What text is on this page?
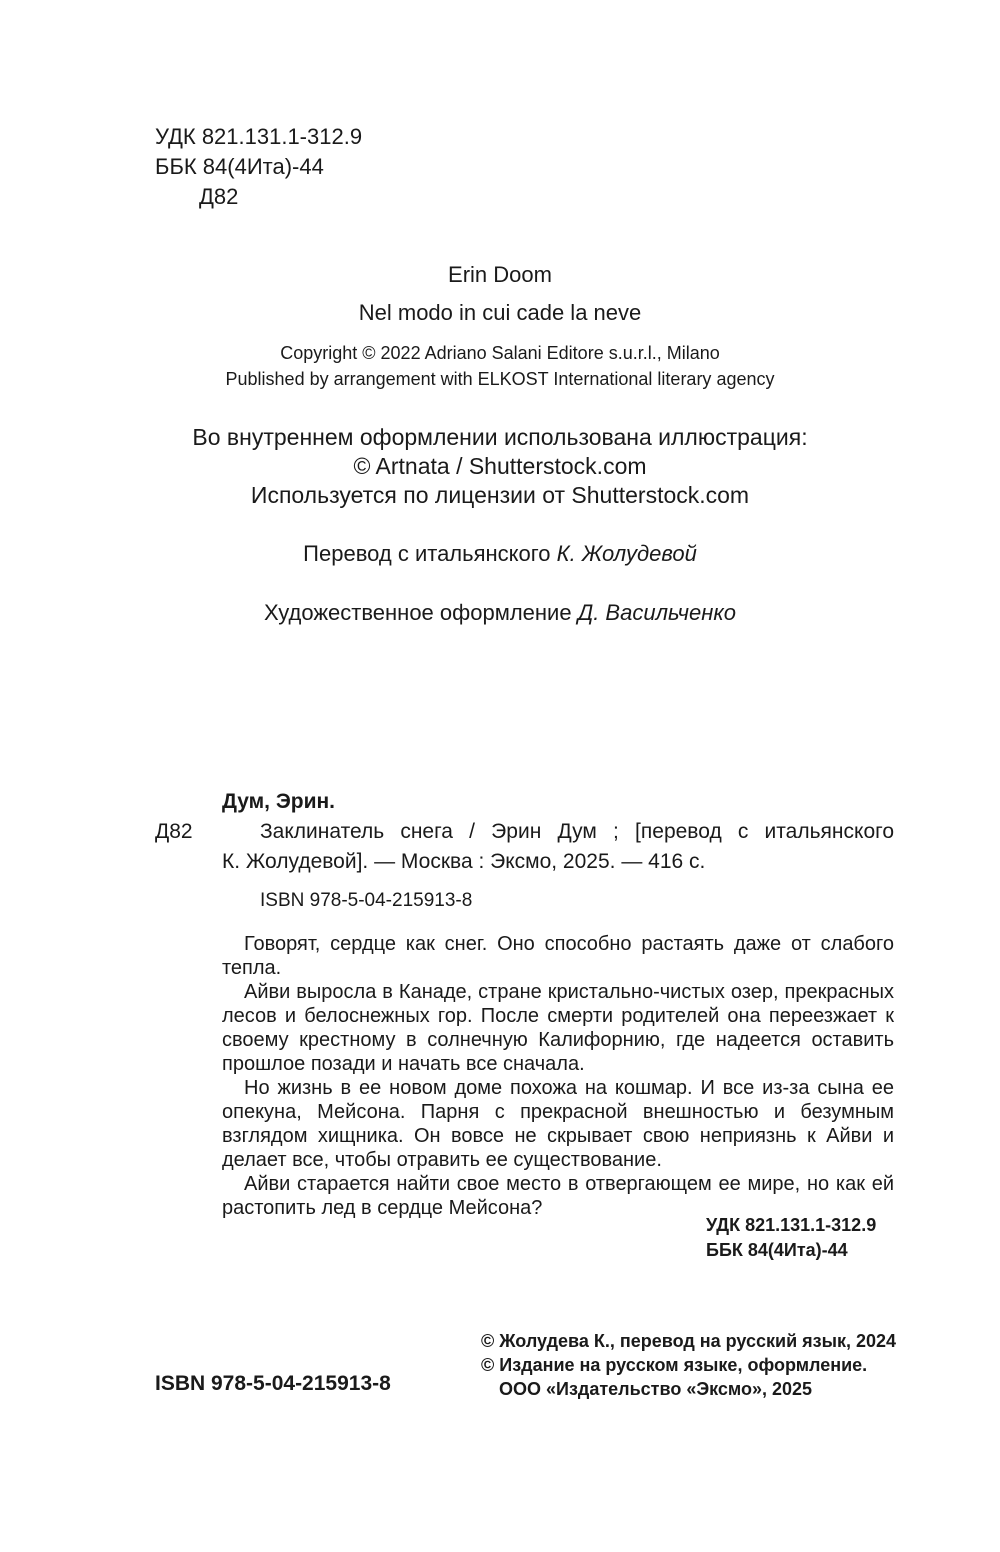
УДК 821.131.1-312.9
ББК 84(4Ита)-44
Д82
Erin Doom
Nel modo in cui cade la neve
Copyright © 2022 Adriano Salani Editore s.u.r.l., Milano
Published by arrangement with ELKOST International literary agency
Во внутреннем оформлении использована иллюстрация:
© Artnata / Shutterstock.com
Используется по лицензии от Shutterstock.com
Перевод с итальянского К. Жолудевой
Художественное оформление Д. Васильченко
Дум, Эрин.
Д82	Заклинатель снега / Эрин Дум ; [перевод с итальянского
К. Жолудевой]. — Москва : Эксмо, 2025. — 416 с.
ISBN 978-5-04-215913-8

Говорят, сердце как снег. Оно способно растаять даже от слабого тепла.

Айви выросла в Канаде, стране кристально-чистых озер, прекрасных лесов и белоснежных гор. После смерти родителей она переезжает к своему крестному в солнечную Калифорнию, где надеется оставить прошлое позади и начать все сначала.

Но жизнь в ее новом доме похожа на кошмар. И все из-за сына ее опекуна, Мейсона. Парня с прекрасной внешностью и безумным взглядом хищника. Он вовсе не скрывает свою неприязнь к Айви и делает все, чтобы отравить ее существование.

Айви старается найти свое место в отвергающем ее мире, но как ей растопить лед в сердце Мейсона?

УДК 821.131.1-312.9
ББК 84(4Ита)-44
© Жолудева К., перевод на русский язык, 2024
© Издание на русском языке, оформление.
ООО «Издательство «Эксмо», 2025
ISBN 978-5-04-215913-8
